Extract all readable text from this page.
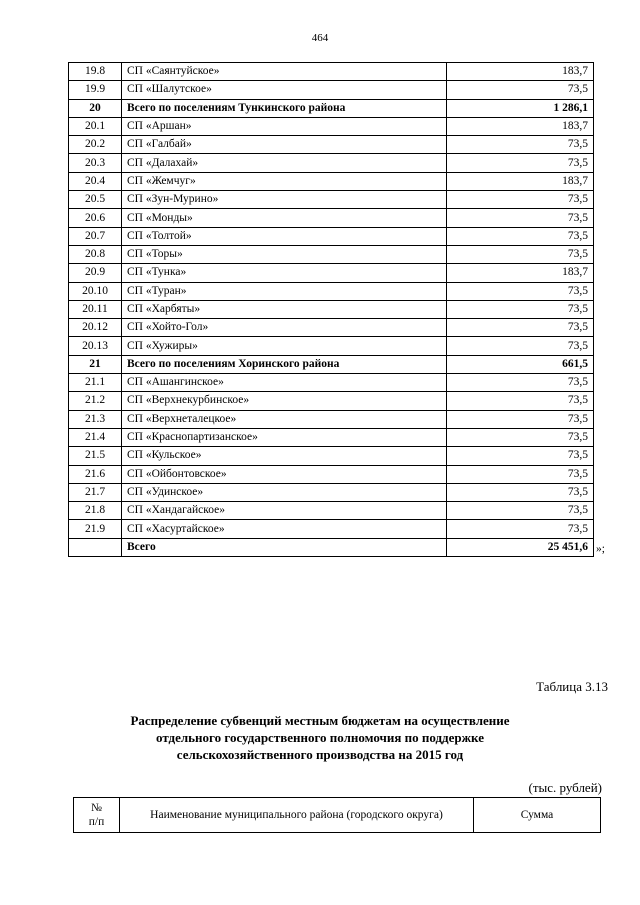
464
19.8	СП «Саянтуйское»	183,7
19.9	СП «Шалутское»	73,5
20	Всего по поселениям Тункинского района	1 286,1
20.1	СП «Аршан»	183,7
20.2	СП «Галбай»	73,5
20.3	СП «Далахай»	73,5
20.4	СП «Жемчуг»	183,7
20.5	СП «Зун-Мурино»	73,5
20.6	СП «Монды»	73,5
20.7	СП «Толтой»	73,5
20.8	СП «Торы»	73,5
20.9	СП «Тунка»	183,7
20.10	СП «Туран»	73,5
20.11	СП «Харбяты»	73,5
20.12	СП «Хойто-Гол»	73,5
20.13	СП «Хужиры»	73,5
21	Всего по поселениям Хоринского района	661,5
21.1	СП «Ашангинское»	73,5
21.2	СП «Верхнекурбинское»	73,5
21.3	СП «Верхнеталецкое»	73,5
21.4	СП «Краснопартизанское»	73,5
21.5	СП «Кульское»	73,5
21.6	СП «Ойбонтовское»	73,5
21.7	СП «Удинское»	73,5
21.8	СП «Хандагайское»	73,5
21.9	СП «Хасуртайское»	73,5
	Всего	25 451,6 »;
Таблица 3.13
Распределение субвенций местным бюджетам на осуществление
отдельного государственного полномочия по поддержке
сельскохозяйственного производства на 2015 год
(тыс. рублей)
№
п/п
	Наименование муниципального района (городского округа)	Сумма
